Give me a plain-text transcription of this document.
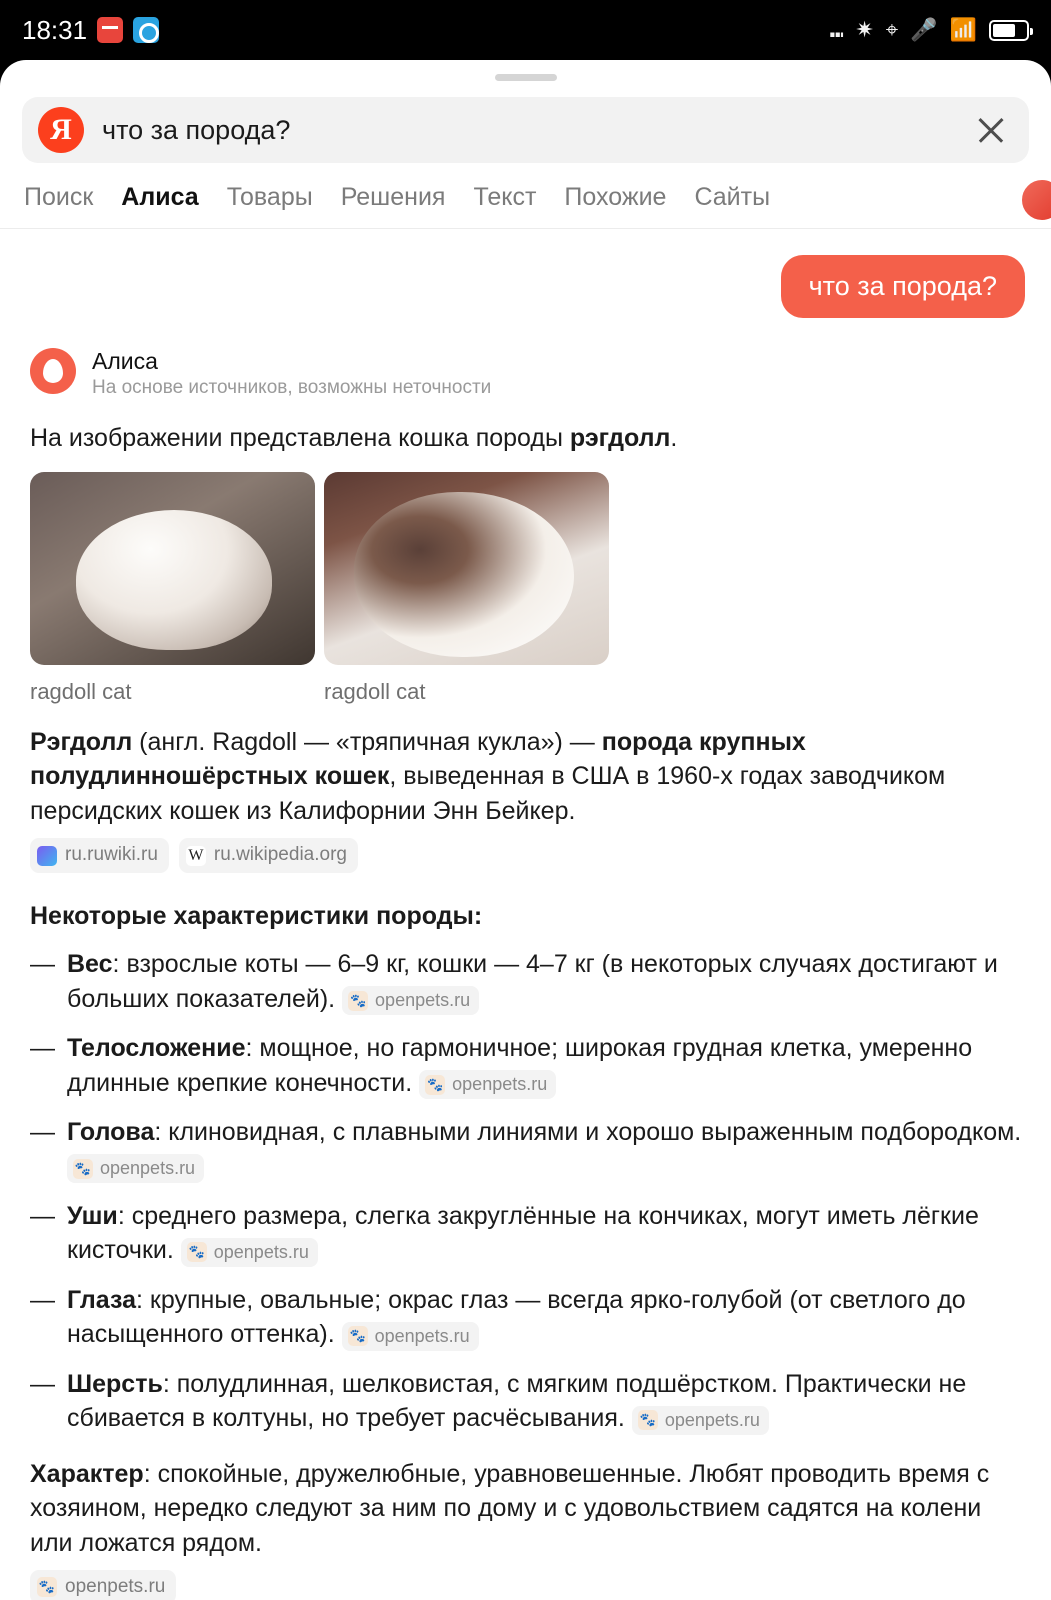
18:31	⑉ ✷ ⌖ 🎤 📶
Я	что за порода?
Поиск Алиса Товары Решения Текст Похожие Сайты
что за порода?
Алиса
На основе источников, возможны неточности
На изображении представлена кошка породы рэгдолл.
ragdoll cat	ragdoll cat
Рэгдолл (англ. Ragdoll — «тряпичная кукла») — порода крупных полудлинношёрстных кошек, выведенная в США в 1960-х годах заводчиком персидских кошек из Калифорнии Энн Бейкер.
ru.ruwiki.ru W ru.wikipedia.org
Некоторые характеристики породы:
— Вес: взрослые коты — 6–9 кг, кошки — 4–7 кг (в некоторых случаях достигают и больших показателей). 🐾 openpets.ru
— Телосложение: мощное, но гармоничное; широкая грудная клетка, умеренно длинные крепкие конечности. 🐾 openpets.ru
— Голова: клиновидная, с плавными линиями и хорошо выраженным подбородком.
🐾 openpets.ru
— Уши: среднего размера, слегка закруглённые на кончиках, могут иметь лёгкие кисточки. 🐾 openpets.ru
— Глаза: крупные, овальные; окрас глаз — всегда ярко-голубой (от светлого до насыщенного оттенка). 🐾 openpets.ru
— Шерсть: полудлинная, шелковистая, с мягким подшёрстком. Практически не сбивается в колтуны, но требует расчёсывания. 🐾 openpets.ru
Характер: спокойные, дружелюбные, уравновешенные. Любят проводить время с хозяином, нередко следуют за ним по дому и с удовольствием садятся на колени или ложатся рядом.
🐾 openpets.ru
